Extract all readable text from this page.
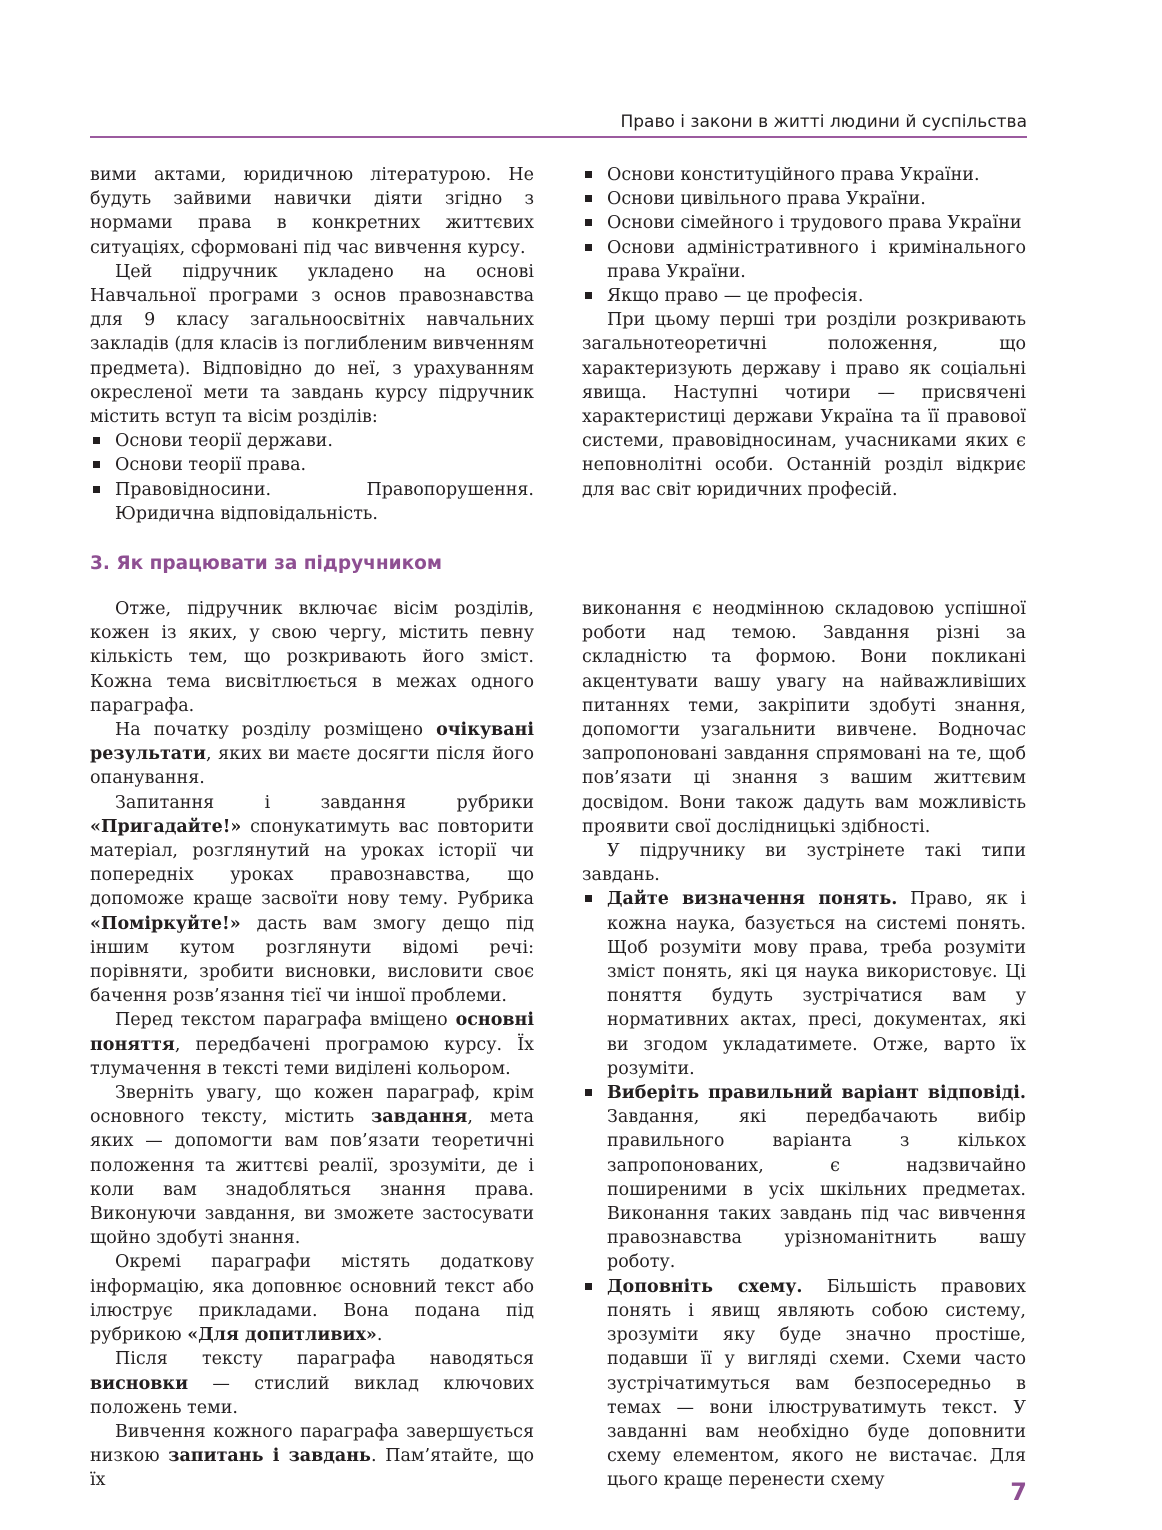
Право і закони в житті людини й суспільства

вими актами, юридичною літературою. Не будуть зайвими навички діяти згідно з нормами права в конкретних життєвих ситуаціях, сформовані під час вивчення курсу.

Цей підручник укладено на основі Навчальної програми з основ правознавства для 9 класу загальноосвітніх навчальних закладів (для класів із поглибленим вивченням предмета). Відповідно до неї, з урахуванням окресленої мети та завдань курсу підручник містить вступ та вісім розділів:

Основи теорії держави.
Основи теорії права.
Правовідносини. Правопорушення. Юридична відповідальність.
Основи конституційного права України.
Основи цивільного права України.
Основи сімейного і трудового права України
Основи адміністративного і кримінального права України.
Якщо право — це професія.

При цьому перші три розділи розкривають загальнотеоретичні положення, що характеризують державу і право як соціальні явища. Наступні чотири — присвячені характеристиці держави Україна та її правової системи, правовідносинам, учасниками яких є неповнолітні особи. Останній розділ відкриє для вас світ юридичних професій.

3. Як працювати за підручником

Отже, підручник включає вісім розділів, кожен із яких, у свою чергу, містить певну кількість тем, що розкривають його зміст. Кожна тема висвітлюється в межах одного параграфа.

На початку розділу розміщено очікувані результати, яких ви маєте досягти після його опанування.

Запитання і завдання рубрики «Пригадайте!» спонукатимуть вас повторити матеріал, розглянутий на уроках історії чи попередніх уроках правознавства, що допоможе краще засвоїти нову тему. Рубрика «Поміркуйте!» дасть вам змогу дещо під іншим кутом розглянути відомі речі: порівняти, зробити висновки, висловити своє бачення розв’язання тієї чи іншої проблеми.

Перед текстом параграфа вміщено основні поняття, передбачені програмою курсу. Їх тлумачення в тексті теми виділені кольором.

Зверніть увагу, що кожен параграф, крім основного тексту, містить завдання, мета яких — допомогти вам пов’язати теоретичні положення та життєві реалії, зрозуміти, де і коли вам знадобляться знання права. Виконуючи завдання, ви зможете застосувати щойно здобуті знання.

Окремі параграфи містять додаткову інформацію, яка доповнює основний текст або ілюструє прикладами. Вона подана під рубрикою «Для допитливих».

Після тексту параграфа наводяться висновки — стислий виклад ключових положень теми.

Вивчення кожного параграфа завершується низкою запитань і завдань. Пам’ятайте, що їх

виконання є неодмінною складовою успішної роботи над темою. Завдання різні за складністю та формою. Вони покликані акцентувати вашу увагу на найважливіших питаннях теми, закріпити здобуті знання, допомогти узагальнити вивчене. Водночас запропоновані завдання спрямовані на те, щоб пов’язати ці знання з вашим життєвим досвідом. Вони також дадуть вам можливість проявити свої дослідницькі здібності.

У підручнику ви зустрінете такі типи завдань.

Дайте визначення понять. Право, як і кожна наука, базується на системі понять. Щоб розуміти мову права, треба розуміти зміст понять, які ця наука використовує. Ці поняття будуть зустрічатися вам у нормативних актах, пресі, документах, які ви згодом укладатимете. Отже, варто їх розуміти.
Виберіть правильний варіант відповіді. Завдання, які передбачають вибір правильного варіанта з кількох запропонованих, є надзвичайно поширеними в усіх шкільних предметах. Виконання таких завдань під час вивчення правознавства урізноманітнить вашу роботу.
Доповніть схему. Більшість правових понять і явищ являють собою систему, зрозуміти яку буде значно простіше, подавши її у вигляді схеми. Схеми часто зустрічатимуться вам безпосередньо в темах — вони ілюструватимуть текст. У завданні вам необхідно буде доповнити схему елементом, якого не вистачає. Для цього краще перенести схему	7
